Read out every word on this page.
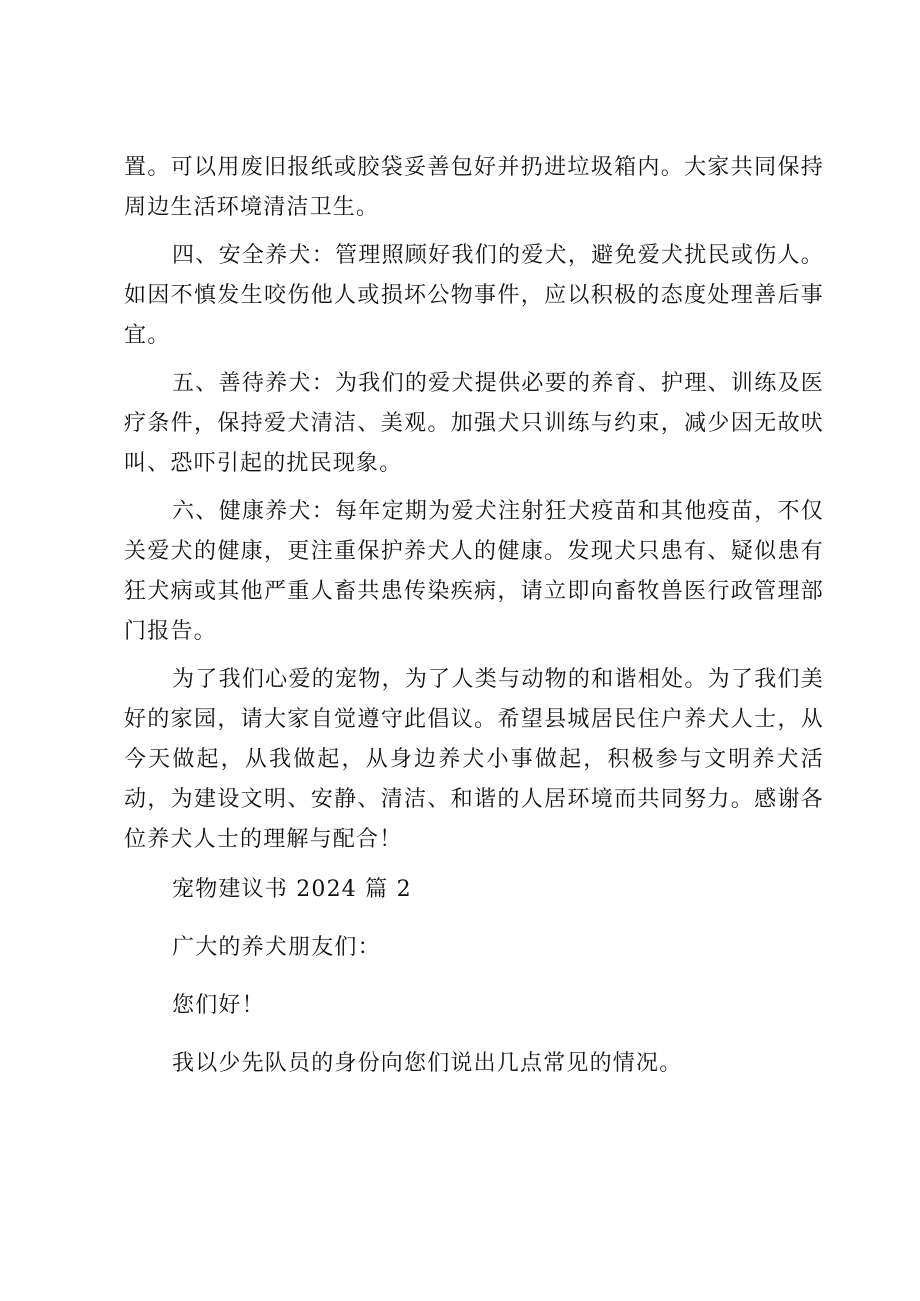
置。可以用废旧报纸或胶袋妥善包好并扔进垃圾箱内。大家共同保持周边生活环境清洁卫生。

四、安全养犬：管理照顾好我们的爱犬，避免爱犬扰民或伤人。如因不慎发生咬伤他人或损坏公物事件，应以积极的态度处理善后事宜。

五、善待养犬：为我们的爱犬提供必要的养育、护理、训练及医疗条件，保持爱犬清洁、美观。加强犬只训练与约束，减少因无故吠叫、恐吓引起的扰民现象。

六、健康养犬：每年定期为爱犬注射狂犬疫苗和其他疫苗，不仅关爱犬的健康，更注重保护养犬人的健康。发现犬只患有、疑似患有狂犬病或其他严重人畜共患传染疾病，请立即向畜牧兽医行政管理部门报告。

为了我们心爱的宠物，为了人类与动物的和谐相处。为了我们美好的家园，请大家自觉遵守此倡议。希望县城居民住户养犬人士，从今天做起，从我做起，从身边养犬小事做起，积极参与文明养犬活动，为建设文明、安静、清洁、和谐的人居环境而共同努力。感谢各位养犬人士的理解与配合！

宠物建议书 2024 篇 2

广大的养犬朋友们：

您们好！

我以少先队员的身份向您们说出几点常见的情况。
